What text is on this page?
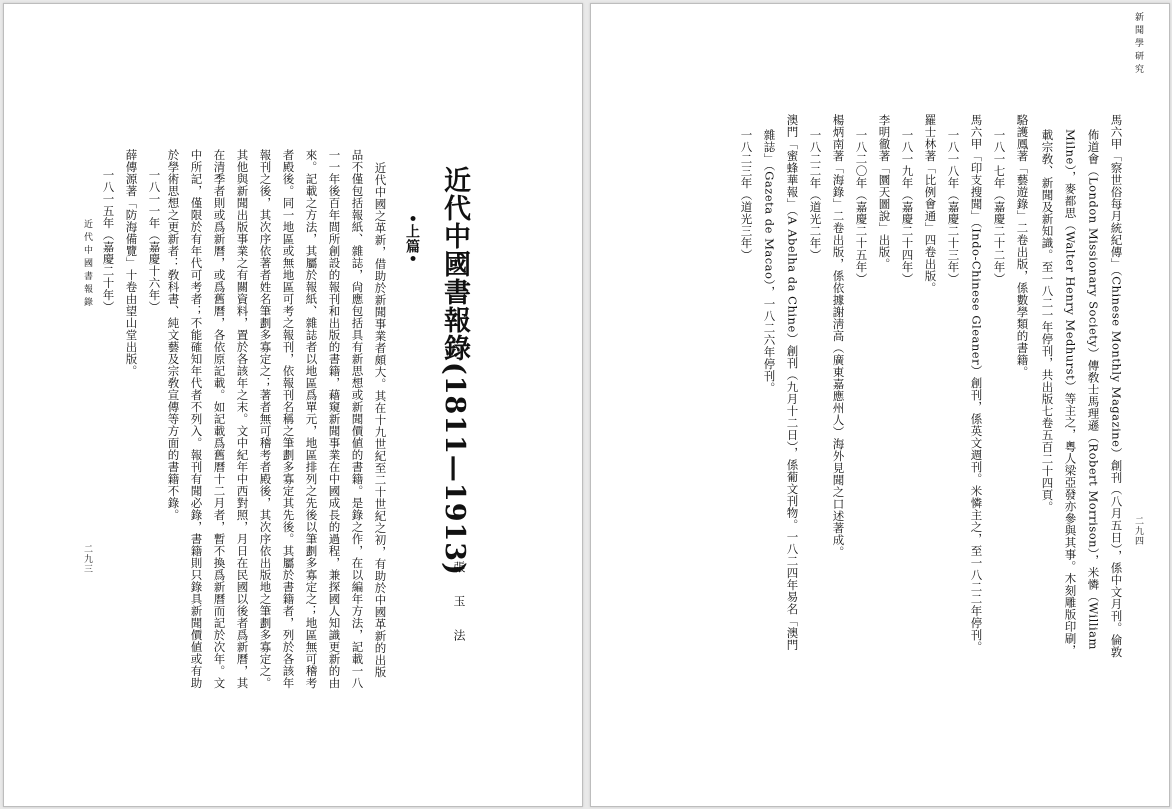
近代中國書報錄(1811—1913)
•上篇•
張玉法
近代中國之革新，借助於新聞事業者頗大。其在十九世紀至二十世紀之初，有助於中國革新的出版
品不僅包括報紙、雜誌，尙應包括具有新思想或新聞價値的書籍。是錄之作，在以編年方法，記載一八
一一年後百年間所創設的報刊和出版的書籍，藉窺新聞事業在中國成長的過程，兼探國人知識更新的由
來。記載之方法，其屬於報紙、雜誌者以地區爲單元，地區排列之先後以筆劃多寡定之；地區無可稽考
者殿後。同一地區或無地區可考之報刊，依報刊名稱之筆劃多寡定其先後。其屬於書籍者，列於各該年
報刊之後，其次序依著者姓名筆劃多寡定之；著者無可稽考者殿後，其次序依出版地之筆劃多寡定之。
其他與新聞出版事業之有關資料，置於各該年之末。文中紀年中西對照，月日在民國以後者爲新曆，其
在清季者則或爲新曆，或爲舊曆，各依原記載。如記載爲舊曆十二月者，暫不換爲新曆而記於次年。文
中所記，僅限於有年代可考者；不能確知年代者不列入。報刊有聞必錄，書籍則只錄具新聞價値或有助
於學術思想之更新者：敎科書、純文藝及宗敎宣傳等方面的書籍不錄。
一八一一年（嘉慶十六年）
薛傳源著「防海備覽」十卷由望山堂出版。
一八一五年（嘉慶二十年）
近代中國書報錄
二九三
新聞學研究
二九四
馬六甲「察世俗每月統紀傳」（Chinese Monthly Magazine）創刊（八月五日），係中文月刊。倫敦
佈道會（London Missionary Society）傳敎士馬理遜（Robert Morrison），米憐（William
Milne），麥都思（Walter Henry Medhurst）等主之，粵人梁亞發亦參與其事。木刻雕版印刷，
載宗敎、新聞及新知識。至一八二一年停刊，共出版七卷五百二十四頁。
駱護鳳著「藝遊錄」二卷出版，係數學類的書籍。
一八一七年（嘉慶二十二年）
馬六甲「印支搜聞」（Indo-Chinese Gleaner）創刊，係英文週刊。米憐主之，至一八二二年停刊。
一八一八年（嘉慶二十三年）
羅士林著「比例會通」四卷出版。
一八一九年（嘉慶二十四年）
李明徹著「圜天圖說」出版。
一八二〇年（嘉慶二十五年）
楊炳南著「海錄」二卷出版，係依據謝淸高（廣東嘉應州人）海外見聞之口述著成。
一八二二年（道光二年）
澳門「蜜蜂華報」（A Abelha da Chine）創刊（九月十二日），係葡文刊物。一八二四年易名「澳門
雜誌」（Gazeta de Macao），一八二六年停刊。
一八二三年（道光三年）
